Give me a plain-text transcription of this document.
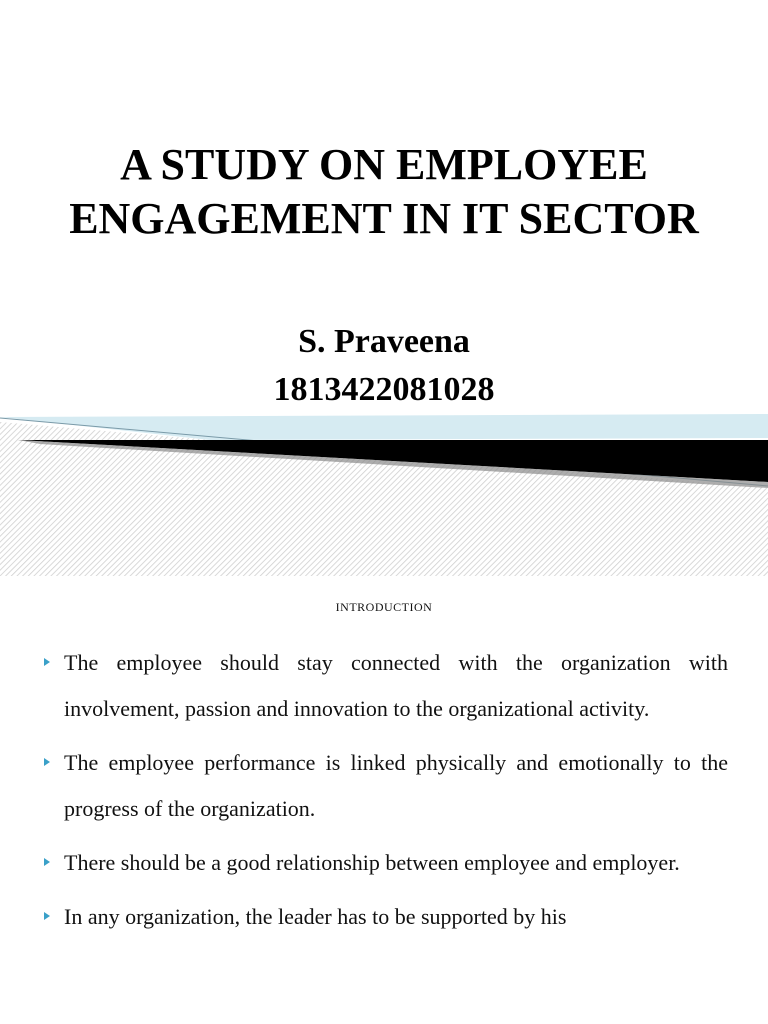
A STUDY ON EMPLOYEE
ENGAGEMENT IN IT SECTOR
S. Praveena
1813422081028
INTRODUCTION
The employee should stay connected with the organization with involvement, passion and innovation to the organizational activity.
The employee performance is linked physically and emotionally to the progress of the organization.
There should be a good relationship between employee and employer.
In any organization, the leader has to be supported by his
